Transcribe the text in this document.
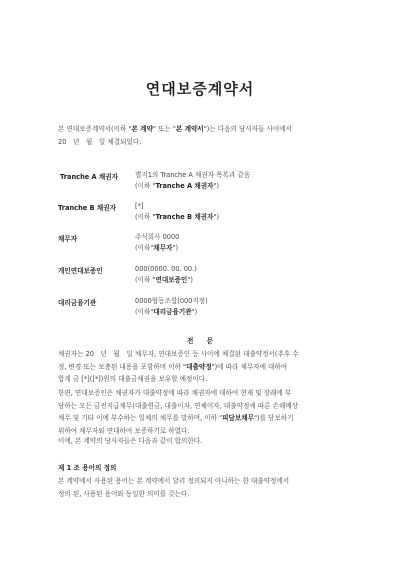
연대보증계약서
본 연대보증계약서(이하 "본 계약" 또는 "본 계약서")는 다음의 당사자들 사이에서
20　년　월　일 체결되었다.
Tranche A 채권자	별지1의 Tranche A 채권자 목록과 같음
(이하 "Tranche A 채권자")
Tranche B 채권자	[*]
(이하 "Tranche B 채권자")
채무자	주식회사 0000
(이하"채무자")
개인연대보증인	000(0000. 00. 00.)
(이하 "연대보증인")
대리금융기관	0000협동조합(000지점)
(이하"대리금융기관")
전　　문
채권자는 20　년　월　일 채무자, 연대보증인 등 사이에 체결된 대출약정서(추후 수
정, 변경 또는 보충된 내용을 포함하며 이하 "대출약정")에 따라 채무자에 대하여
합계 금 [*]([*])원의 대출금채권을 보유할 예정이다.
한편, 연대보증인은 채권자가 대출약정에 따라 채권자에 대하여 현재 및 장래에 부
담하는 모든 금전지급채무(대출원금, 대출이자, 연체이자, 대출약정에 따른 손해배상
채무 및 기타 이에 부수하는 일체의 채무를 말하며, 이하 "피담보채무")를 담보하기
위하여 채무자와 연대하여 보증하기로 하였다.
이에, 본 계약의 당사자들은 다음과 같이 합의한다.
제 1 조 용어의 정의
본 계약에서 사용된 용어는 본 계약에서 달리 정의되지 아니하는 한 대출약정에서
정의 된, 사용된 용어와 동일한 의미를 갖는다.
